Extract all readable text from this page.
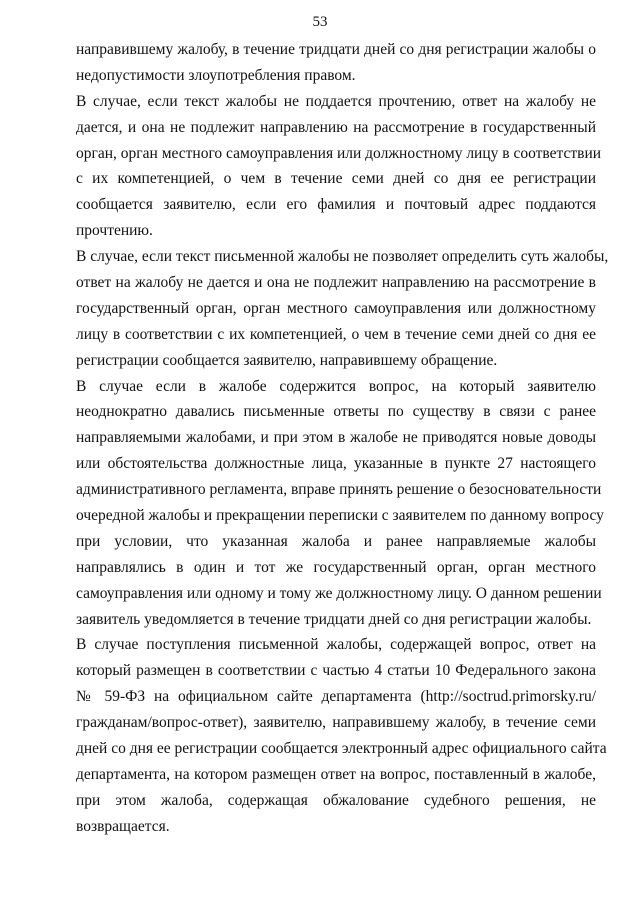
53
направившему жалобу, в течение тридцати дней со дня регистрации жалобы о
недопустимости злоупотребления правом.
В случае, если текст жалобы не поддается прочтению, ответ на жалобу не
дается, и она не подлежит направлению на рассмотрение в государственный
орган, орган местного самоуправления или должностному лицу в соответствии
с их компетенцией, о чем в течение семи дней со дня ее регистрации
сообщается заявителю, если его фамилия и почтовый адрес поддаются
прочтению.
В случае, если текст письменной жалобы не позволяет определить суть жалобы,
ответ на жалобу не дается и она не подлежит направлению на рассмотрение в
государственный орган, орган местного самоуправления или должностному
лицу в соответствии с их компетенцией, о чем в течение семи дней со дня ее
регистрации сообщается заявителю, направившему обращение.
В случае если в жалобе содержится вопрос, на который заявителю
неоднократно давались письменные ответы по существу в связи с ранее
направляемыми жалобами, и при этом в жалобе не приводятся новые доводы
или обстоятельства должностные лица, указанные в пункте 27 настоящего
административного регламента, вправе принять решение о безосновательности
очередной жалобы и прекращении переписки с заявителем по данному вопросу
при условии, что указанная жалоба и ранее направляемые жалобы
направлялись в один и тот же государственный орган, орган местного
самоуправления или одному и тому же должностному лицу. О данном решении
заявитель уведомляется в течение тридцати дней со дня регистрации жалобы.
В случае поступления письменной жалобы, содержащей вопрос, ответ на
который размещен в соответствии с частью 4 статьи 10 Федерального закона
№ 59-ФЗ на официальном сайте департамента (http://soctrud.primorsky.ru/
гражданам/вопрос-ответ), заявителю, направившему жалобу, в течение семи
дней со дня ее регистрации сообщается электронный адрес официального сайта
департамента, на котором размещен ответ на вопрос, поставленный в жалобе,
при этом жалоба, содержащая обжалование судебного решения, не
возвращается.
